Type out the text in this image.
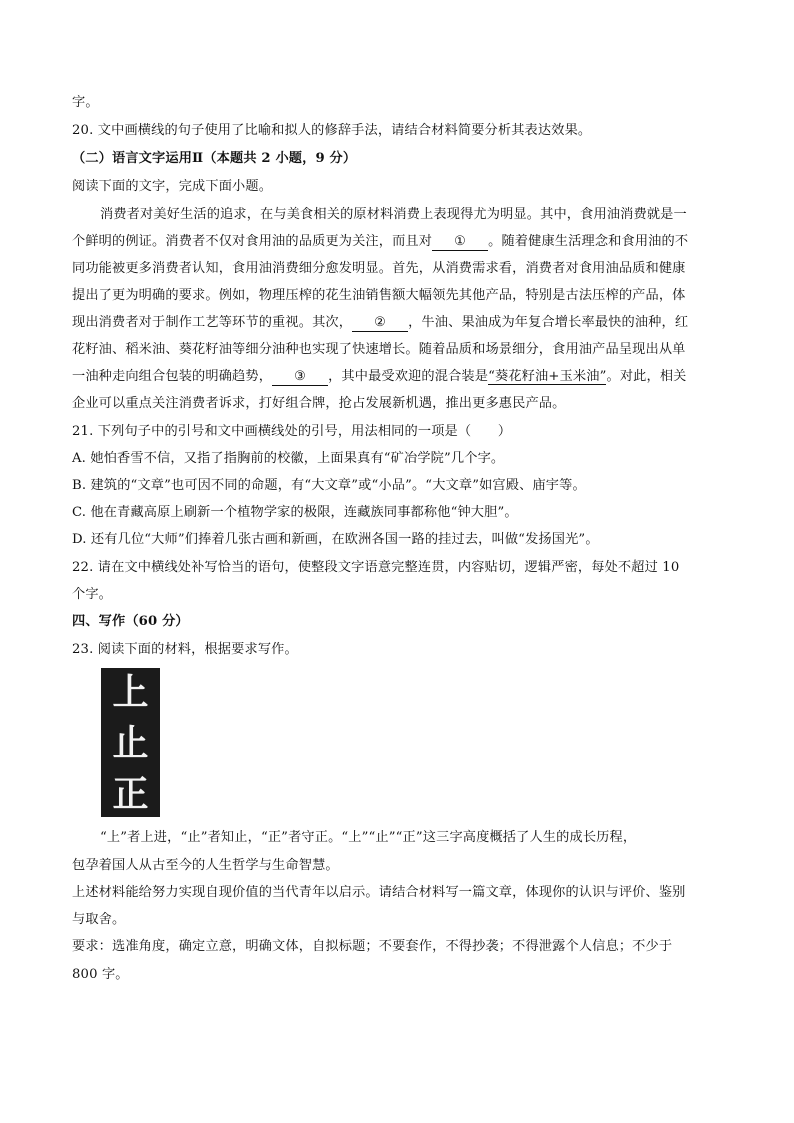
字。
20. 文中画横线的句子使用了比喻和拟人的修辞手法，请结合材料简要分析其表达效果。
（二）语言文字运用Ⅱ（本题共 2 小题，9 分）
阅读下面的文字，完成下面小题。
消费者对美好生活的追求，在与美食相关的原材料消费上表现得尤为明显。其中，食用油消费就是一
个鲜明的例证。消费者不仅对食用油的品质更为关注，而且对 ① 。随着健康生活理念和食用油的不
同功能被更多消费者认知，食用油消费细分愈发明显。首先，从消费需求看，消费者对食用油品质和健康
提出了更为明确的要求。例如，物理压榨的花生油销售额大幅领先其他产品，特别是古法压榨的产品，体
现出消费者对于制作工艺等环节的重视。其次， ② ，牛油、果油成为年复合增长率最快的油种，红
花籽油、稻米油、葵花籽油等细分油种也实现了快速增长。随着品质和场景细分，食用油产品呈现出从单
一油种走向组合包装的明确趋势， ③ ，其中最受欢迎的混合装是“葵花籽油+玉米油”。对此，相关
企业可以重点关注消费者诉求，打好组合牌，抢占发展新机遇，推出更多惠民产品。
21. 下列句子中的引号和文中画横线处的引号，用法相同的一项是（　　）
A. 她怕香雪不信，又指了指胸前的校徽，上面果真有“矿冶学院”几个字。
B. 建筑的“文章”也可因不同的命题，有“大文章”或“小品”。“大文章”如宫殿、庙宇等。
C. 他在青藏高原上刷新一个植物学家的极限，连藏族同事都称他“钟大胆”。
D. 还有几位“大师”们捧着几张古画和新画，在欧洲各国一路的挂过去，叫做“发扬国光”。
22. 请在文中横线处补写恰当的语句，使整段文字语意完整连贯，内容贴切，逻辑严密，每处不超过 10
个字。
四、写作（60 分）
23. 阅读下面的材料，根据要求写作。
上
止
正
“上”者上进，“止”者知止，“正”者守正。“上”“止”“正”这三字高度概括了人生的成长历程，
包孕着国人从古至今的人生哲学与生命智慧。
上述材料能给努力实现自现价值的当代青年以启示。请结合材料写一篇文章，体现你的认识与评价、鉴别
与取舍。
要求：选准角度，确定立意，明确文体，自拟标题；不要套作，不得抄袭；不得泄露个人信息；不少于
800 字。
